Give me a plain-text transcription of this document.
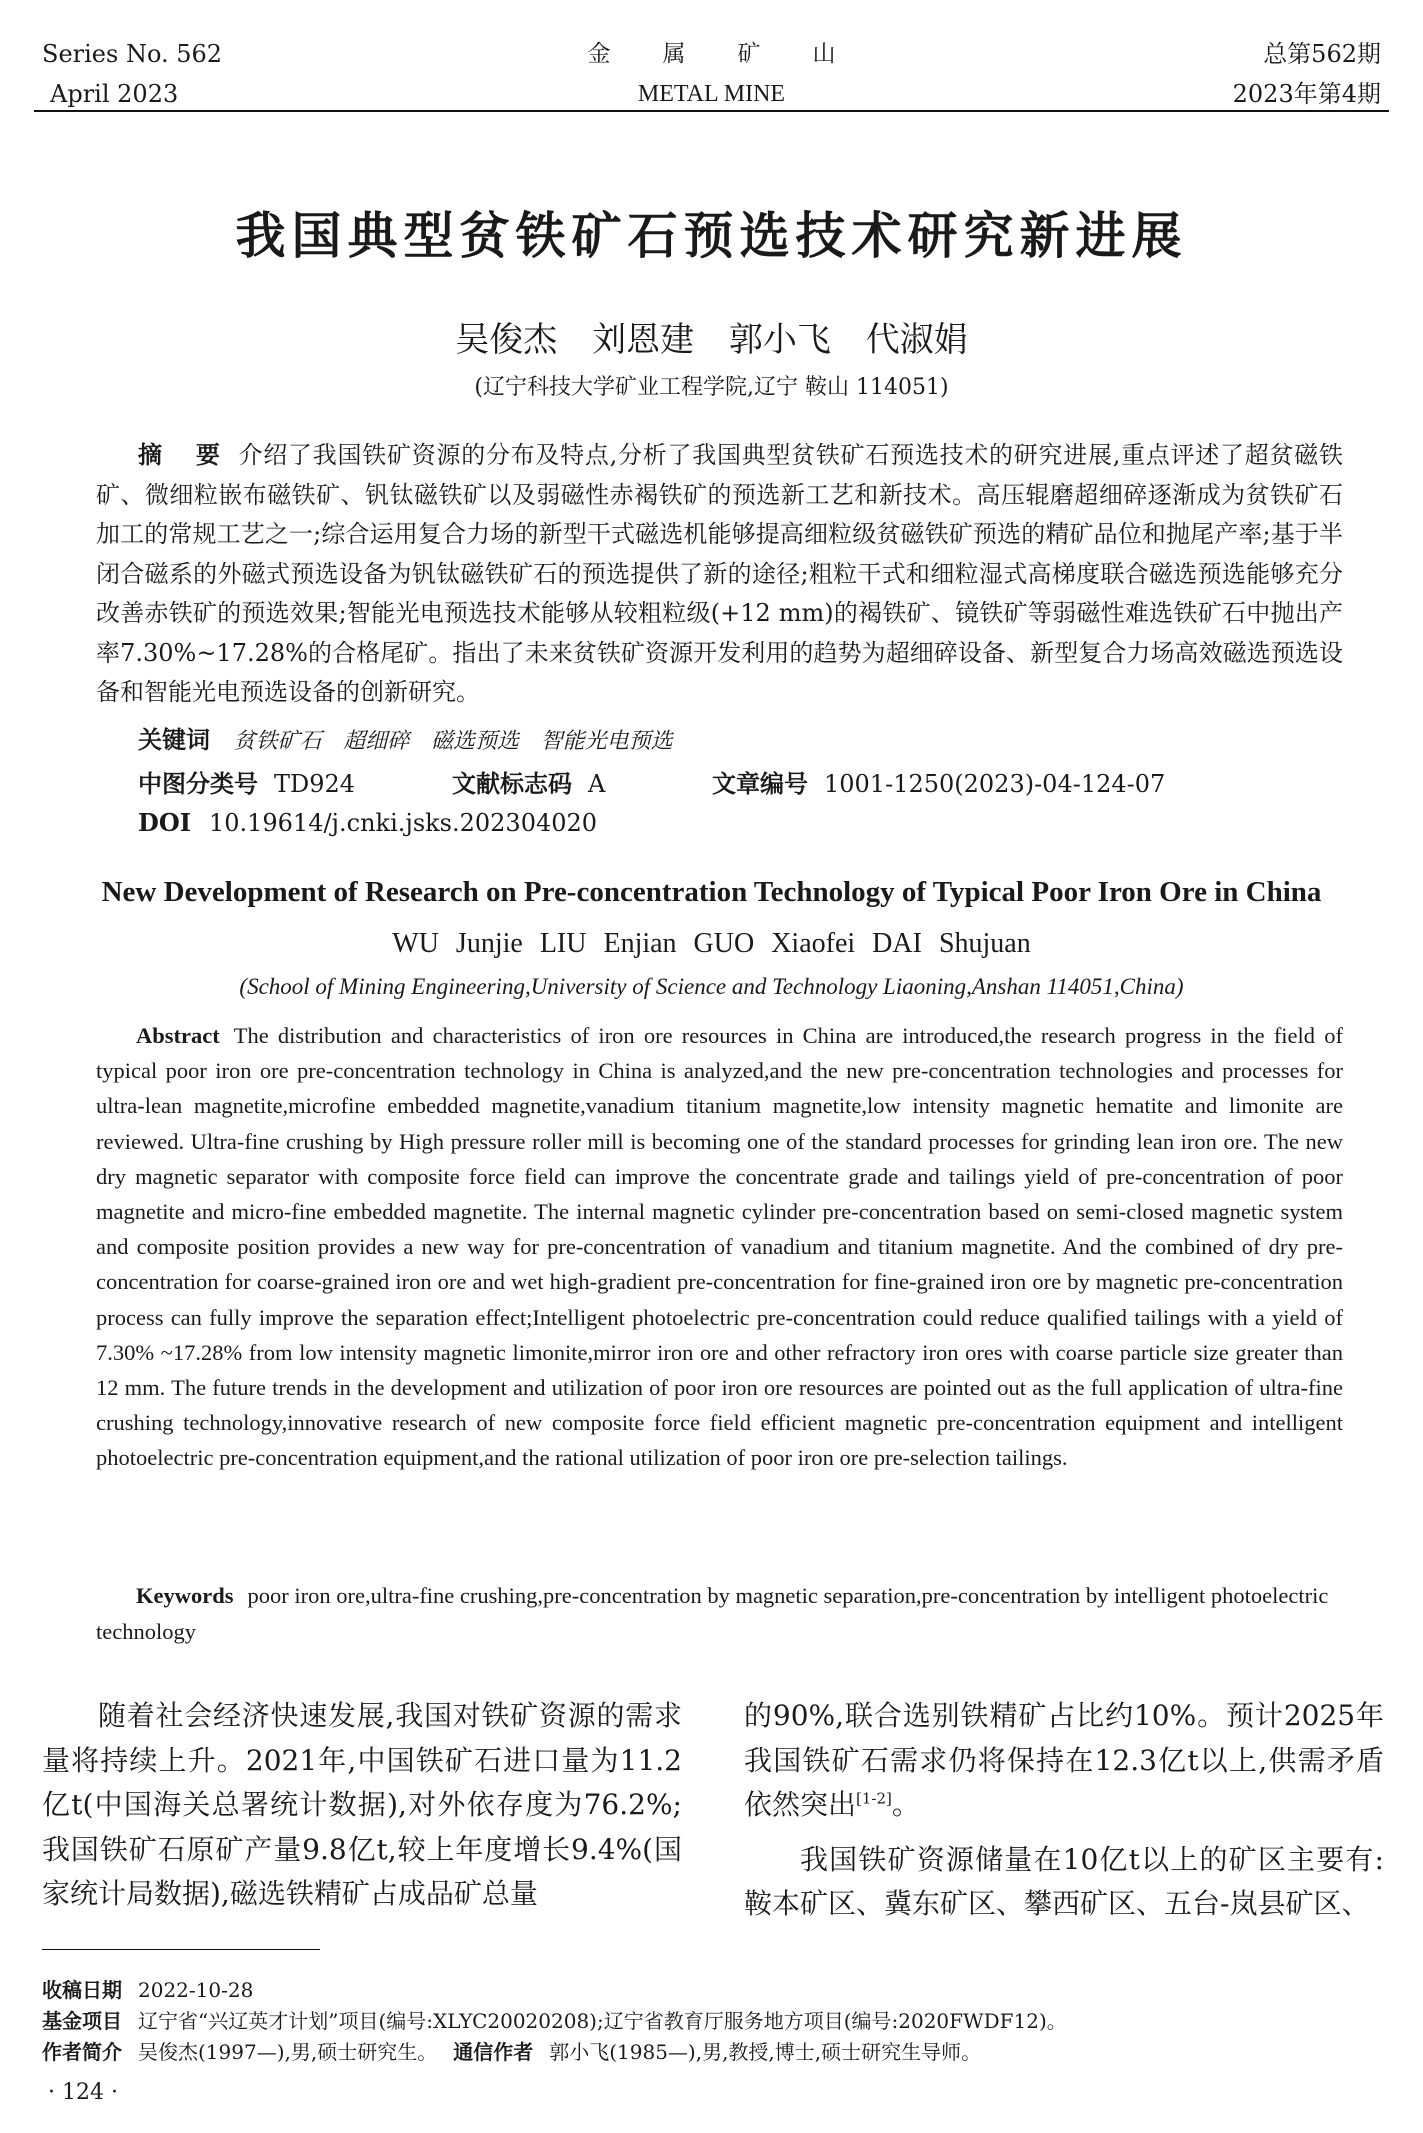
Series No. 562
April 2023
金属矿山
METAL MINE
总第562期
2023年第4期
我国典型贫铁矿石预选技术研究新进展
吴俊杰 刘恩建 郭小飞 代淑娟
(辽宁科技大学矿业工程学院,辽宁 鞍山 114051)
摘 要 介绍了我国铁矿资源的分布及特点,分析了我国典型贫铁矿石预选技术的研究进展,重点评述了超贫磁铁矿、微细粒嵌布磁铁矿、钒钛磁铁矿以及弱磁性赤褐铁矿的预选新工艺和新技术。高压辊磨超细碎逐渐成为贫铁矿石加工的常规工艺之一;综合运用复合力场的新型干式磁选机能够提高细粒级贫磁铁矿预选的精矿品位和抛尾产率;基于半闭合磁系的外磁式预选设备为钒钛磁铁矿石的预选提供了新的途径;粗粒干式和细粒湿式高梯度联合磁选预选能够充分改善赤铁矿的预选效果;智能光电预选技术能够从较粗粒级(+12 mm)的褐铁矿、镜铁矿等弱磁性难选铁矿石中抛出产率7.30%~17.28%的合格尾矿。指出了未来贫铁矿资源开发利用的趋势为超细碎设备、新型复合力场高效磁选预选设备和智能光电预选设备的创新研究。
关键词 贫铁矿石 超细碎 磁选预选 智能光电预选
中图分类号 TD924	文献标志码 A	文章编号 1001-1250(2023)-04-124-07
DOI 10.19614/j.cnki.jsks.202304020
New Development of Research on Pre-concentration Technology of Typical Poor Iron Ore in China
WU Junjie LIU Enjian GUO Xiaofei DAI Shujuan
(School of Mining Engineering,University of Science and Technology Liaoning,Anshan 114051,China)
Abstract The distribution and characteristics of iron ore resources in China are introduced,the research progress in the field of typical poor iron ore pre-concentration technology in China is analyzed,and the new pre-concentration technologies and processes for ultra-lean magnetite,microfine embedded magnetite,vanadium titanium magnetite,low intensity magnetic hematite and limonite are reviewed. Ultra-fine crushing by High pressure roller mill is becoming one of the standard processes for grinding lean iron ore. The new dry magnetic separator with composite force field can improve the concentrate grade and tailings yield of pre-concentration of poor magnetite and micro-fine embedded magnetite. The internal magnetic cylinder pre-concentration based on semi-closed magnetic system and composite position provides a new way for pre-concentration of vanadium and titanium magnetite. And the combined of dry pre-concentration for coarse-grained iron ore and wet high-gradient pre-concentration for fine-grained iron ore by magnetic pre-concentration process can fully improve the separation effect;Intelligent photoelectric pre-concentration could reduce qualified tailings with a yield of 7.30% ~17.28% from low intensity magnetic limonite,mirror iron ore and other refractory iron ores with coarse particle size greater than 12 mm. The future trends in the development and utilization of poor iron ore resources are pointed out as the full application of ultra-fine crushing technology,innovative research of new composite force field efficient magnetic pre-concentration equipment and intelligent photoelectric pre-concentration equipment,and the rational utilization of poor iron ore pre-selection tailings.
Keywords poor iron ore,ultra-fine crushing,pre-concentration by magnetic separation,pre-concentration by intelligent photoelectric technology

随着社会经济快速发展,我国对铁矿资源的需求量将持续上升。2021年,中国铁矿石进口量为11.2亿t(中国海关总署统计数据),对外依存度为76.2%;我国铁矿石原矿产量9.8亿t,较上年度增长9.4%(国家统计局数据),磁选铁精矿占成品矿总量

的90%,联合选别铁精矿占比约10%。预计2025年我国铁矿石需求仍将保持在12.3亿t以上,供需矛盾依然突出[1-2]。

我国铁矿资源储量在10亿t以上的矿区主要有:鞍本矿区、冀东矿区、攀西矿区、五台-岚县矿区、

收稿日期 2022-10-28
基金项目 辽宁省“兴辽英才计划”项目(编号:XLYC20020208);辽宁省教育厅服务地方项目(编号:2020FWDF12)。
作者简介 吴俊杰(1997—),男,硕士研究生。 通信作者 郭小飞(1985—),男,教授,博士,硕士研究生导师。
· 124 ·
